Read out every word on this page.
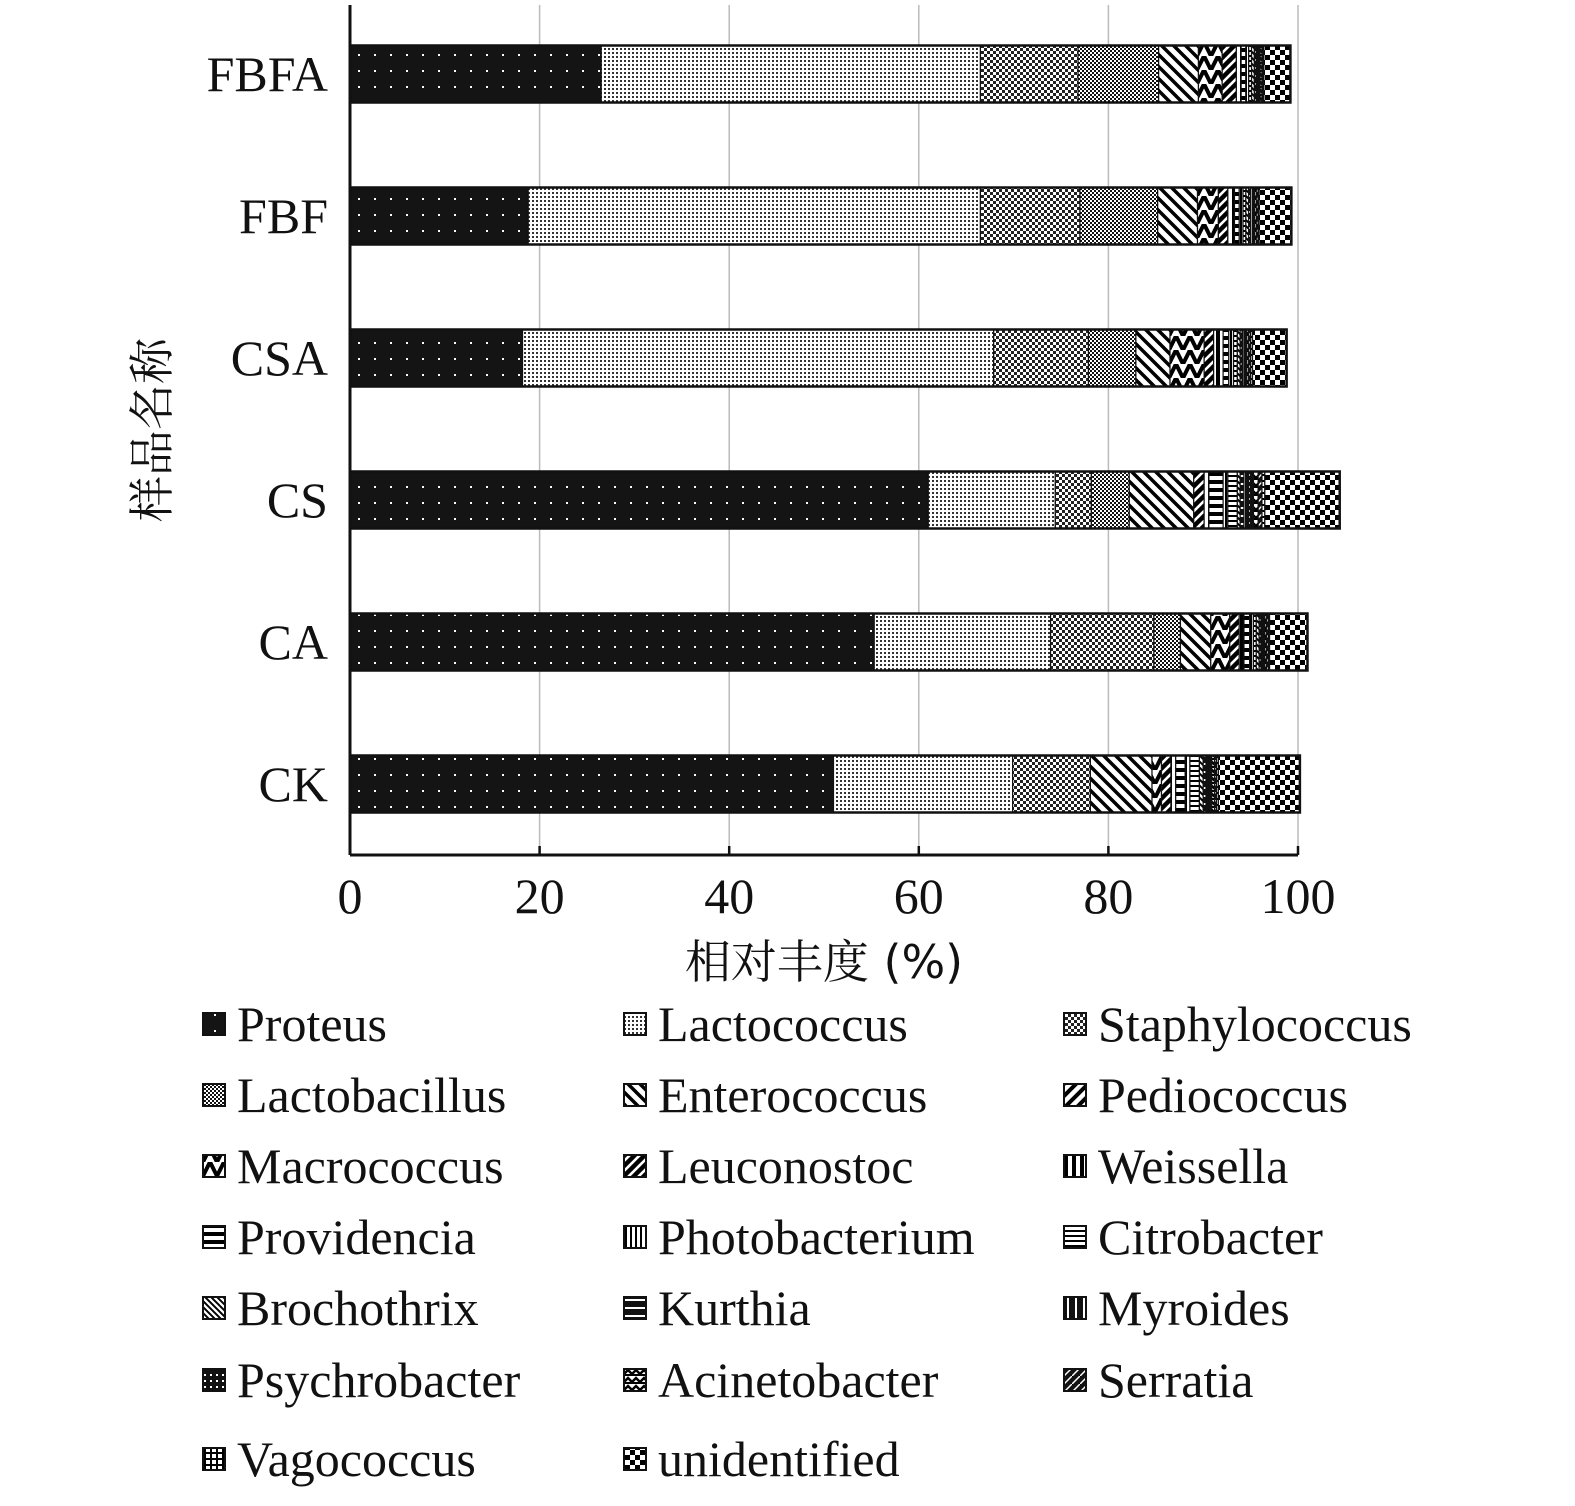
0	20	40	60	80	100
FBFA
FBF
CSA
CS
CA
CK
相对丰度 (%)
样品名称
Proteus	Lactococcus	Staphylococcus
Lactobacillus	Enterococcus	Pediococcus
Macrococcus	Leuconostoc	Weissella
Providencia	Photobacterium Citrobacter
Brochothrix	Kurthia	Myroides
Psychrobacter	Acinetobacter	Serratia
Vagococcus	unidentified
